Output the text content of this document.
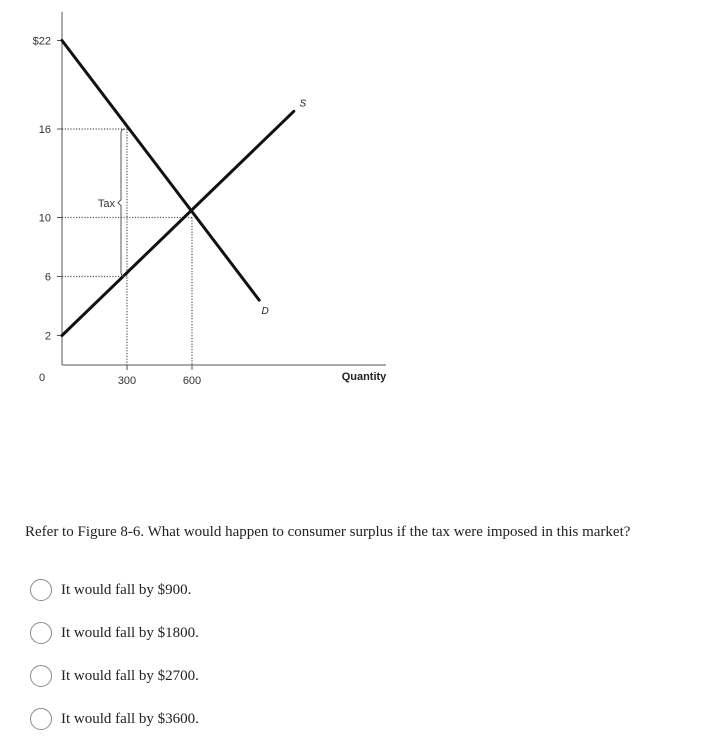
2
6
10
16
$22
300	600
0	Quantity
S
D
Tax

Refer to Figure 8-6. What would happen to consumer surplus if the tax were imposed in this market?

It would fall by $900.
It would fall by $1800.
It would fall by $2700.
It would fall by $3600.
